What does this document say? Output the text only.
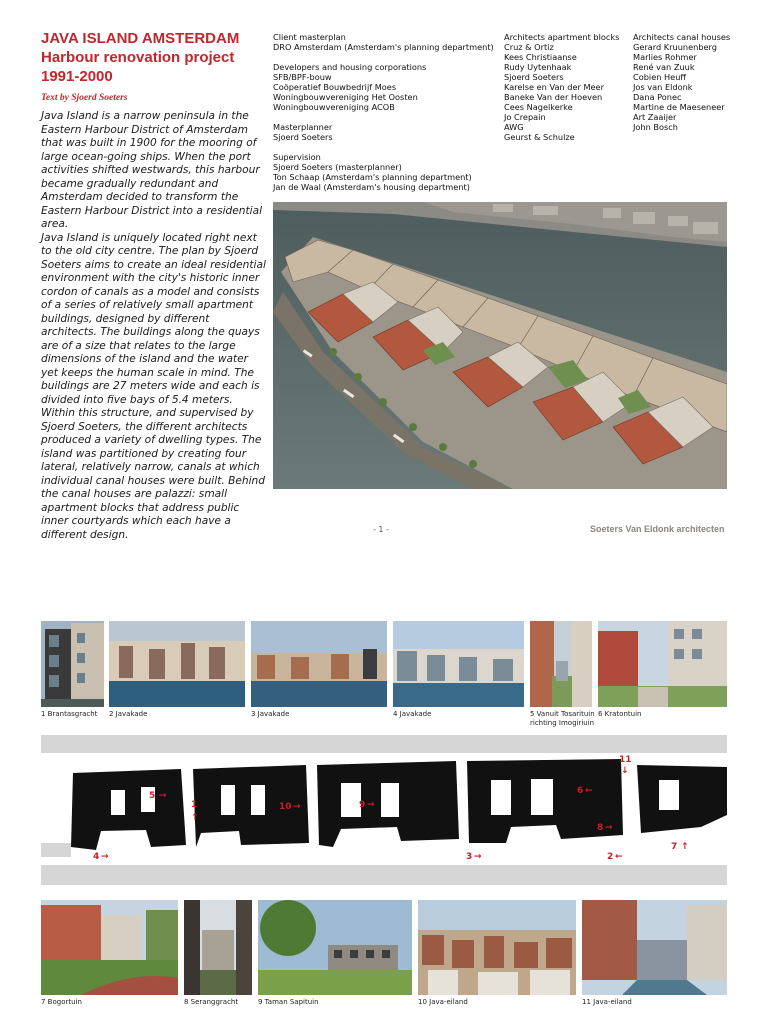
JAVA ISLAND AMSTERDAM
Harbour renovation project
1991-2000
Text by Sjoerd Soeters

Java Island is a narrow peninsula in the Eastern Harbour District of Amsterdam that was built in 1900 for the mooring of large ocean-going ships. When the port activities shifted westwards, this harbour became gradually redundant and Amsterdam decided to transform the Eastern Harbour District into a residential area.

Java Island is uniquely located right next to the old city centre. The plan by Sjoerd Soeters aims to create an ideal residential environment with the city's historic inner cordon of canals as a model and consists of a series of relatively small apartment buildings, designed by different architects. The buildings along the quays are of a size that relates to the large dimensions of the island and the water yet keeps the human scale in mind. The buildings are 27 meters wide and each is divided into five bays of 5.4 meters. Within this structure, and supervised by Sjoerd Soeters, the different architects produced a variety of dwelling types. The island was partitioned by creating four lateral, relatively narrow, canals at which individual canal houses were built. Behind the canal houses are palazzi: small apartment blocks that address public inner courtyards which each have a different design.

Client masterplan
DRO Amsterdam (Amsterdam's planning department)
Developers and housing corporations
SFB/BPF-bouw
Coöperatief Bouwbedrijf Moes
Woningbouwvereniging Het Oosten
Woningbouwvereniging ACOB
Masterplanner
Sjoerd Soeters
Supervision
Sjoerd Soeters (masterplanner)
Ton Schaap (Amsterdam's planning department)
Jan de Waal (Amsterdam's housing department)
Architects apartment blocks
Cruz & Ortiz
Kees Christiaanse
Rudy Uytenhaak
Sjoerd Soeters
Karelse en Van der Meer
Baneke Van der Hoeven
Cees Nagelkerke
Jo Crepain
AWG
Geurst & Schulze
Architects canal houses
Gerard Kruunenberg
Marlies Rohmer
René van Zuuk
Cobien Heuff
Jos van Eldonk
Dana Ponec
Martine de Maeseneer
Art Zaaijer
John Bosch
- 1 -	Soeters Van Eldonk architecten
1 Brantasgracht 2 Javakade	3 Javakade	4 Javakade	5 Vanuit Tosarituin
richting Imogiriuin
6 Kratontuin
5 →
1
↑
10 →	9 →
6 ←
11
↓
8 →
7 ↑
4 →	3 →	2 ←
7 Bogortuin	8 Seranggracht	9 Taman Sapituin	10 Java-eiland	11 Java-eiland
